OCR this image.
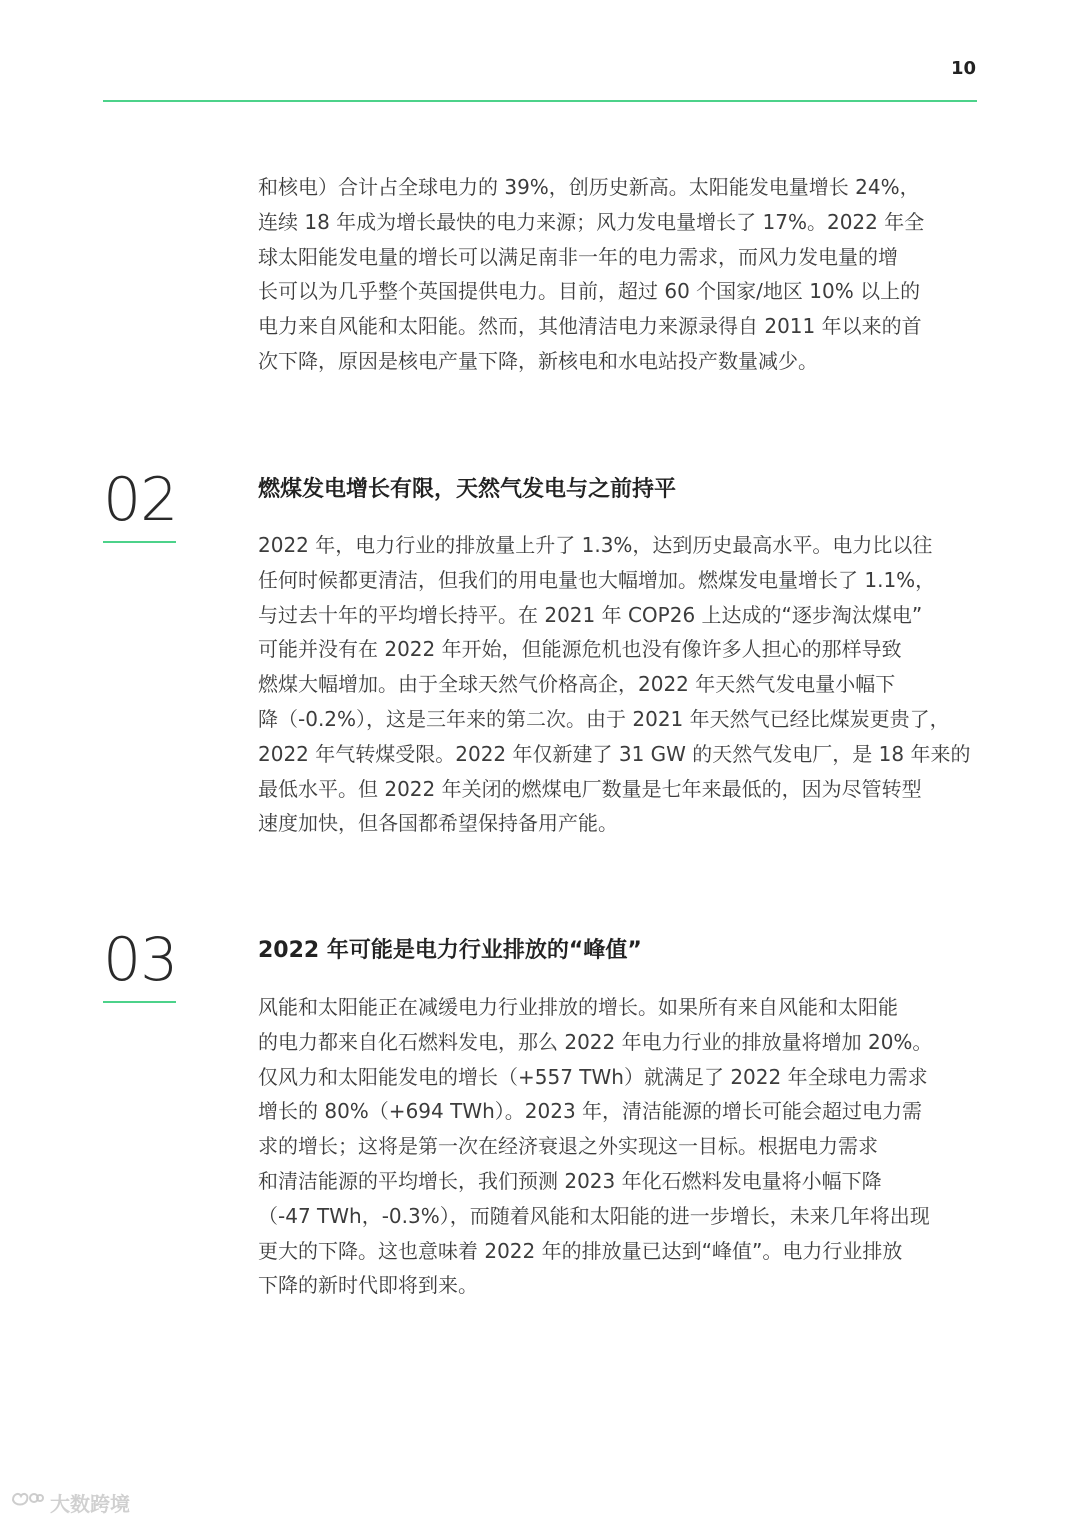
10

和核电）合计占全球电力的 39%，创历史新高。太阳能发电量增长 24%，
连续 18 年成为增长最快的电力来源；风力发电量增长了 17%。2022 年全
球太阳能发电量的增长可以满足南非一年的电力需求，而风力发电量的增
长可以为几乎整个英国提供电力。目前，超过 60 个国家/地区 10% 以上的
电力来自风能和太阳能。然而，其他清洁电力来源录得自 2011 年以来的首
次下降，原因是核电产量下降，新核电和水电站投产数量减少。

02	燃煤发电增长有限，天然气发电与之前持平

2022 年，电力行业的排放量上升了 1.3%，达到历史最高水平。电力比以往
任何时候都更清洁，但我们的用电量也大幅增加。燃煤发电量增长了 1.1%，
与过去十年的平均增长持平。在 2021 年 COP26 上达成的“逐步淘汰煤电”
可能并没有在 2022 年开始，但能源危机也没有像许多人担心的那样导致
燃煤大幅增加。由于全球天然气价格高企，2022 年天然气发电量小幅下
降（-0.2%），这是三年来的第二次。由于 2021 年天然气已经比煤炭更贵了，
2022 年气转煤受限。2022 年仅新建了 31 GW 的天然气发电厂，是 18 年来的
最低水平。但 2022 年关闭的燃煤电厂数量是七年来最低的，因为尽管转型
速度加快，但各国都希望保持备用产能。

03	2022 年可能是电力行业排放的“峰值”

风能和太阳能正在减缓电力行业排放的增长。如果所有来自风能和太阳能
的电力都来自化石燃料发电，那么 2022 年电力行业的排放量将增加 20%。
仅风力和太阳能发电的增长（+557 TWh）就满足了 2022 年全球电力需求
增长的 80%（+694 TWh）。2023 年，清洁能源的增长可能会超过电力需
求的增长；这将是第一次在经济衰退之外实现这一目标。根据电力需求
和清洁能源的平均增长，我们预测 2023 年化石燃料发电量将小幅下降
（-47 TWh，-0.3%），而随着风能和太阳能的进一步增长，未来几年将出现
更大的下降。这也意味着 2022 年的排放量已达到“峰值”。电力行业排放
下降的新时代即将到来。

大数跨境
